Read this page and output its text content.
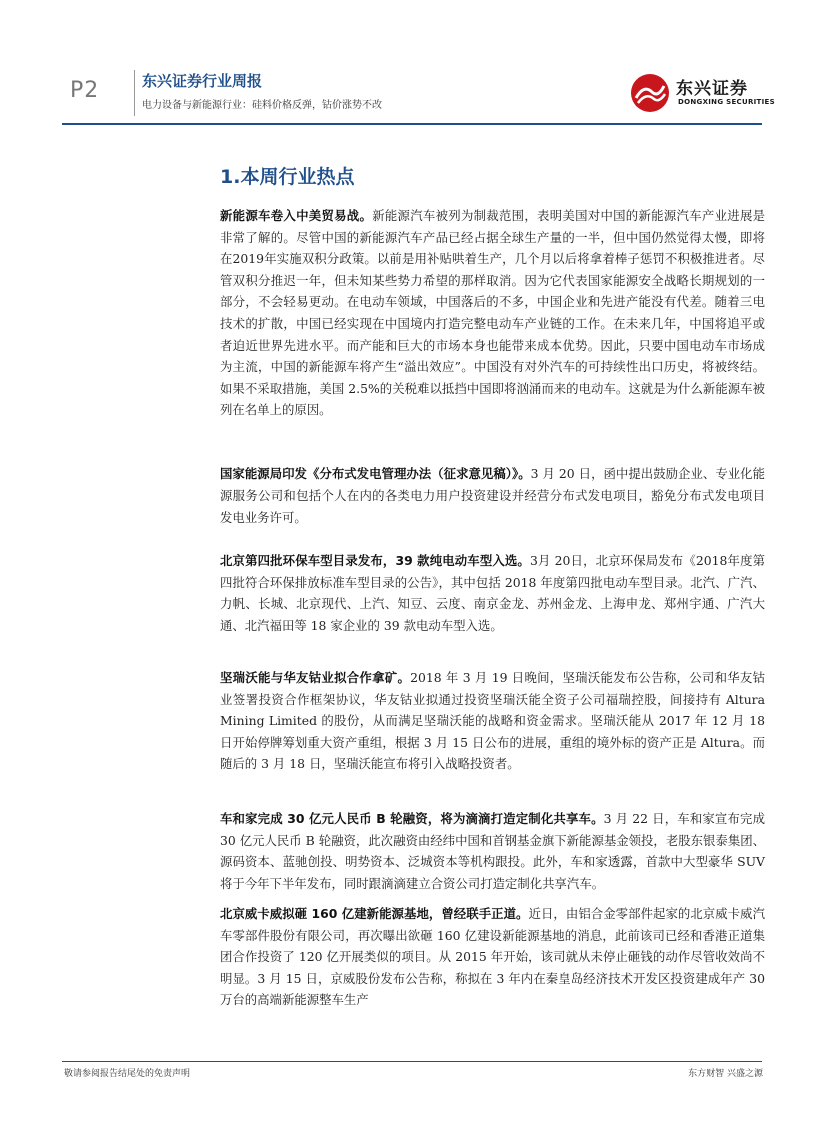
P2	东兴证券行业周报
电力设备与新能源行业：硅料价格反弹，钴价涨势不改
东兴证券
DONGXING SECURITIES
1.本周行业热点

新能源车卷入中美贸易战。新能源汽车被列为制裁范围，表明美国对中国的新能源汽车产业进展是非常了解的。尽管中国的新能源汽车产品已经占据全球生产量的一半，但中国仍然觉得太慢，即将在2019年实施双积分政策。以前是用补贴哄着生产，几个月以后将拿着棒子惩罚不积极推进者。尽管双积分推迟一年，但未知某些势力希望的那样取消。因为它代表国家能源安全战略长期规划的一部分，不会轻易更动。在电动车领域，中国落后的不多，中国企业和先进产能没有代差。随着三电技术的扩散，中国已经实现在中国境内打造完整电动车产业链的工作。在未来几年，中国将追平或者迫近世界先进水平。而产能和巨大的市场本身也能带来成本优势。因此，只要中国电动车市场成为主流，中国的新能源车将产生“溢出效应”。中国没有对外汽车的可持续性出口历史，将被终结。如果不采取措施，美国 2.5%的关税难以抵挡中国即将汹涌而来的电动车。这就是为什么新能源车被列在名单上的原因。

国家能源局印发《分布式发电管理办法（征求意见稿）》。3 月 20 日，函中提出鼓励企业、专业化能源服务公司和包括个人在内的各类电力用户投资建设并经营分布式发电项目，豁免分布式发电项目发电业务许可。

北京第四批环保车型目录发布，39 款纯电动车型入选。3月 20日，北京环保局发布《2018年度第四批符合环保排放标准车型目录的公告》，其中包括 2018 年度第四批电动车型目录。北汽、广汽、力帆、长城、北京现代、上汽、知豆、云度、南京金龙、苏州金龙、上海申龙、郑州宇通、广汽大通、北汽福田等 18 家企业的 39 款电动车型入选。

坚瑞沃能与华友钴业拟合作拿矿。2018 年 3 月 19 日晚间，坚瑞沃能发布公告称，公司和华友钴业签署投资合作框架协议，华友钴业拟通过投资坚瑞沃能全资子公司福瑞控股，间接持有 Altura Mining Limited 的股份，从而满足坚瑞沃能的战略和资金需求。坚瑞沃能从 2017 年 12 月 18 日开始停牌筹划重大资产重组，根据 3 月 15 日公布的进展，重组的境外标的资产正是 Altura。而随后的 3 月 18 日，坚瑞沃能宣布将引入战略投资者。

车和家完成 30 亿元人民币 B 轮融资，将为滴滴打造定制化共享车。3 月 22 日，车和家宣布完成 30 亿元人民币 B 轮融资，此次融资由经纬中国和首钢基金旗下新能源基金领投，老股东银泰集团、源码资本、蓝驰创投、明势资本、泛城资本等机构跟投。此外，车和家透露，首款中大型豪华 SUV 将于今年下半年发布，同时跟滴滴建立合资公司打造定制化共享汽车。

北京威卡威拟砸 160 亿建新能源基地，曾经联手正道。近日，由铝合金零部件起家的北京威卡威汽车零部件股份有限公司，再次曝出欲砸 160 亿建设新能源基地的消息，此前该司已经和香港正道集团合作投资了 120 亿开展类似的项目。从 2015 年开始，该司就从未停止砸钱的动作尽管收效尚不明显。3 月 15 日，京威股份发布公告称，称拟在 3 年内在秦皇岛经济技术开发区投资建成年产 30 万台的高端新能源整车生产

敬请参阅报告结尾处的免责声明	东方财智 兴盛之源
